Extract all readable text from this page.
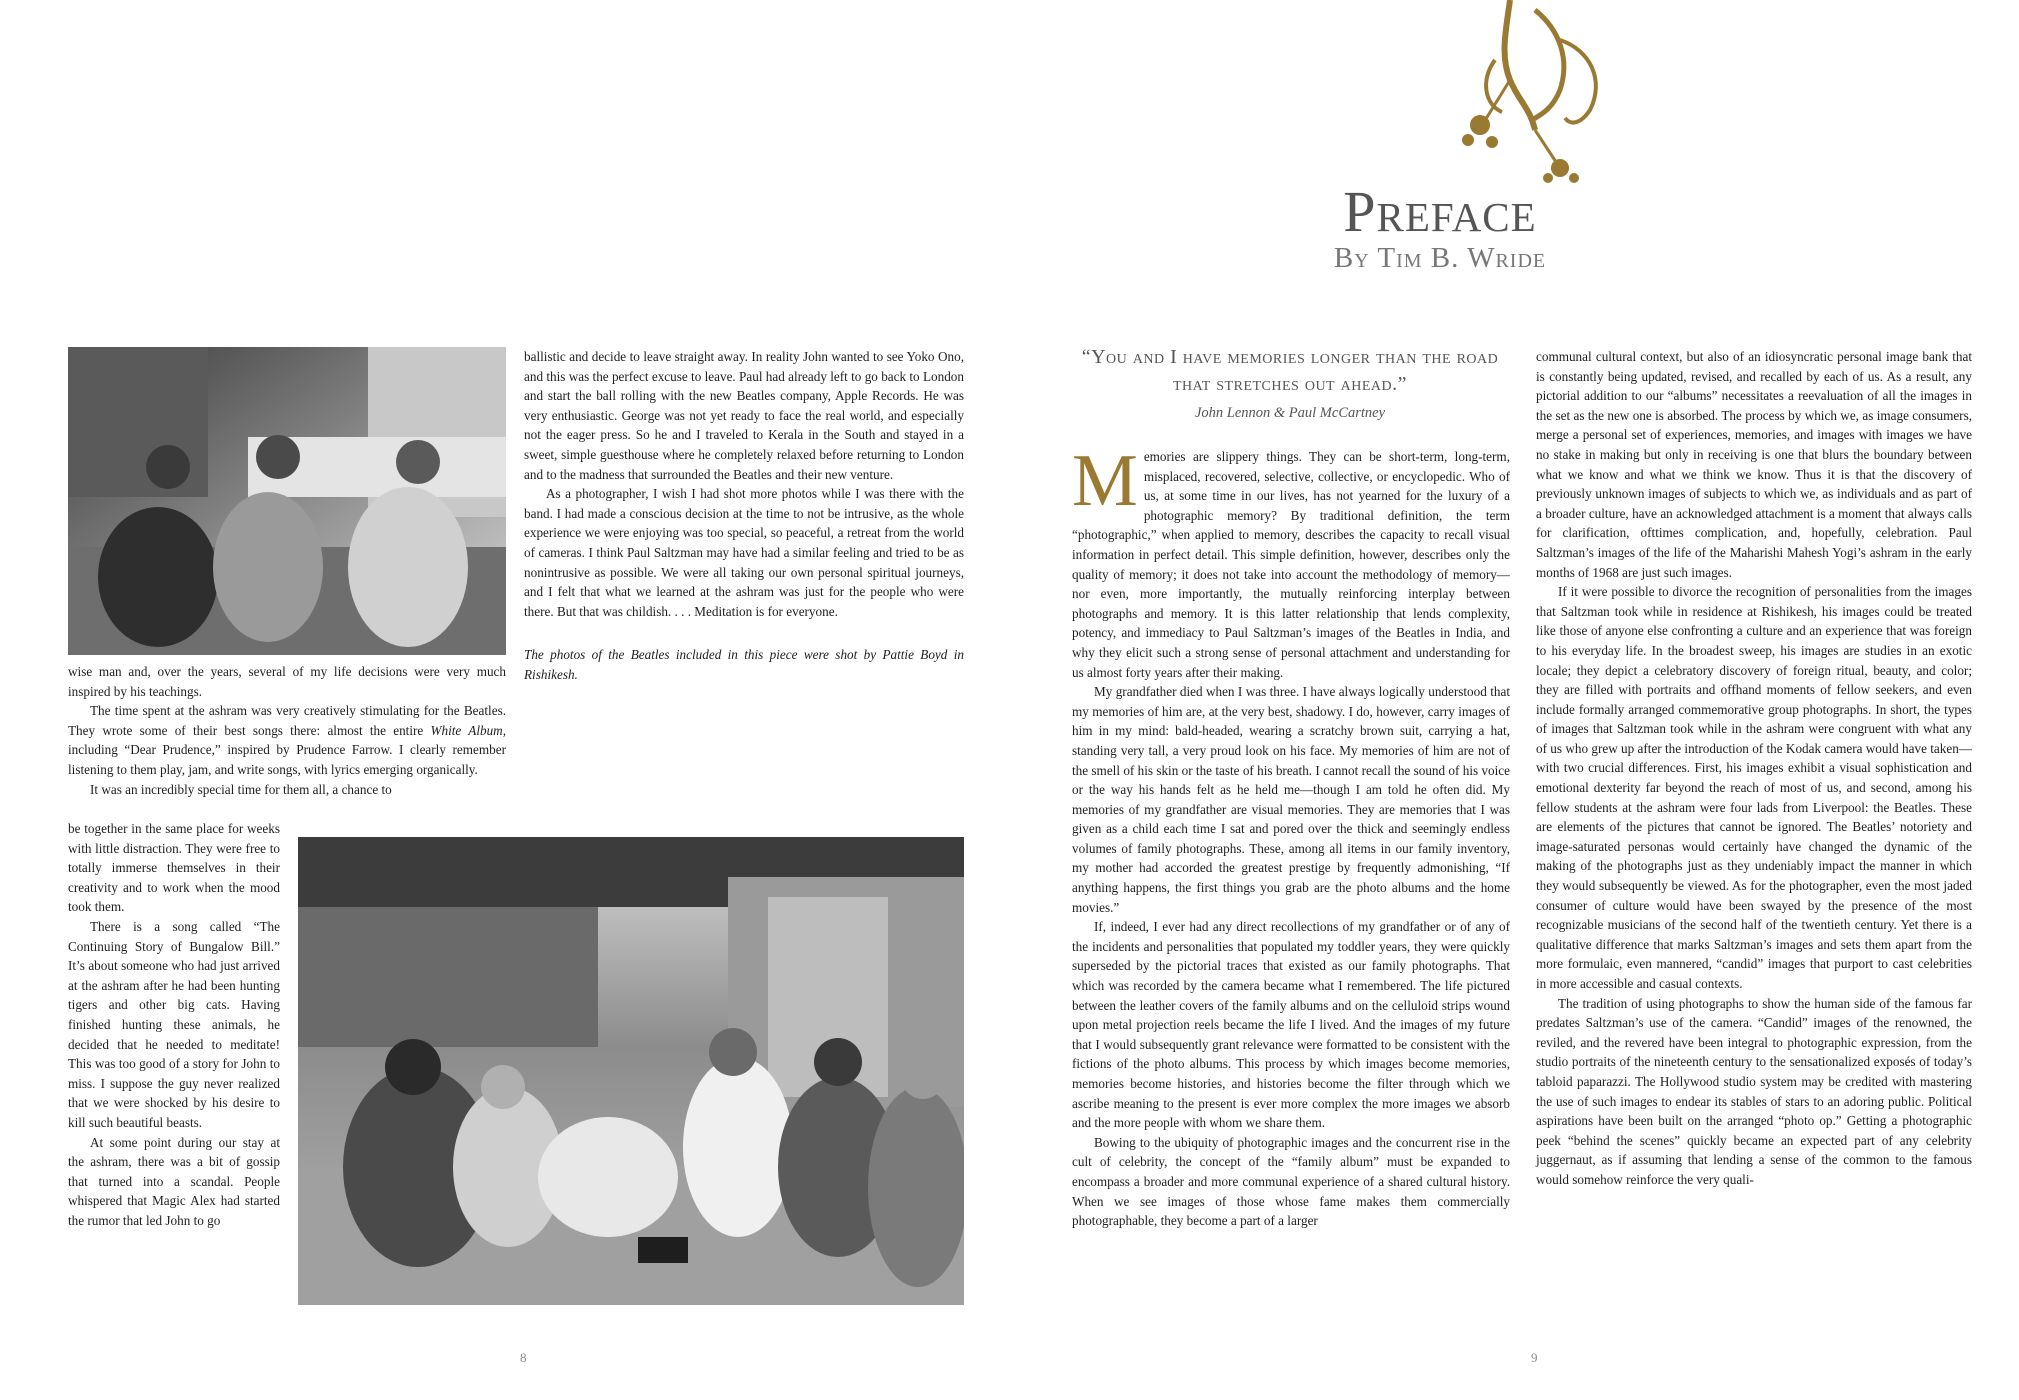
wise man and, over the years, several of my life decisions were very much inspired by his teachings.

The time spent at the ashram was very creatively stimulating for the Beatles. They wrote some of their best songs there: almost the entire White Album, including “Dear Prudence,” inspired by Prudence Farrow. I clearly remember listening to them play, jam, and write songs, with lyrics emerging organically.

It was an incredibly special time for them all, a chance to

be together in the same place for weeks with little distraction. They were free to totally immerse themselves in their creativity and to work when the mood took them.

There is a song called “The Continuing Story of Bungalow Bill.” It’s about someone who had just arrived at the ashram after he had been hunting tigers and other big cats. Having finished hunting these animals, he decided that he needed to meditate! This was too good of a story for John to miss. I suppose the guy never realized that we were shocked by his desire to kill such beautiful beasts.

At some point during our stay at the ashram, there was a bit of gossip that turned into a scandal. People whispered that Magic Alex had started the rumor that led John to go

ballistic and decide to leave straight away. In reality John wanted to see Yoko Ono, and this was the perfect excuse to leave. Paul had already left to go back to London and start the ball rolling with the new Beatles company, Apple Records. He was very enthusiastic. George was not yet ready to face the real world, and especially not the eager press. So he and I traveled to Kerala in the South and stayed in a sweet, simple guesthouse where he completely relaxed before returning to London and to the madness that surrounded the Beatles and their new venture.

As a photographer, I wish I had shot more photos while I was there with the band. I had made a conscious decision at the time to not be intrusive, as the whole experience we were enjoying was too special, so peaceful, a retreat from the world of cameras. I think Paul Saltzman may have had a similar feeling and tried to be as nonintrusive as possible. We were all taking our own personal spiritual journeys, and I felt that what we learned at the ashram was just for the people who were there. But that was childish. . . . Meditation is for everyone.

The photos of the Beatles included in this piece were shot by Pattie Boyd in Rishikesh.

8
Preface
By Tim B. Wride
“You and I have memories longer than the road that stretches out ahead.”
John Lennon & Paul McCartney

Memories are slippery things. They can be short-term, long-term, misplaced, recovered, selective, collective, or encyclopedic. Who of us, at some time in our lives, has not yearned for the luxury of a photographic memory? By traditional definition, the term “photographic,” when applied to memory, describes the capacity to recall visual information in perfect detail. This simple definition, however, describes only the quality of memory; it does not take into account the methodology of memory—nor even, more importantly, the mutually reinforcing interplay between photographs and memory. It is this latter relationship that lends complexity, potency, and immediacy to Paul Saltzman’s images of the Beatles in India, and why they elicit such a strong sense of personal attachment and understanding for us almost forty years after their making.

My grandfather died when I was three. I have always logically understood that my memories of him are, at the very best, shadowy. I do, however, carry images of him in my mind: bald-headed, wearing a scratchy brown suit, carrying a hat, standing very tall, a very proud look on his face. My memories of him are not of the smell of his skin or the taste of his breath. I cannot recall the sound of his voice or the way his hands felt as he held me—though I am told he often did. My memories of my grandfather are visual memories. They are memories that I was given as a child each time I sat and pored over the thick and seemingly endless volumes of family photographs. These, among all items in our family inventory, my mother had accorded the greatest prestige by frequently admonishing, “If anything happens, the first things you grab are the photo albums and the home movies.”

If, indeed, I ever had any direct recollections of my grandfather or of any of the incidents and personalities that populated my toddler years, they were quickly superseded by the pictorial traces that existed as our family photographs. That which was recorded by the camera became what I remembered. The life pictured between the leather covers of the family albums and on the celluloid strips wound upon metal projection reels became the life I lived. And the images of my future that I would subsequently grant relevance were formatted to be consistent with the fictions of the photo albums. This process by which images become memories, memories become histories, and histories become the filter through which we ascribe meaning to the present is ever more complex the more images we absorb and the more people with whom we share them.

Bowing to the ubiquity of photographic images and the concurrent rise in the cult of celebrity, the concept of the “family album” must be expanded to encompass a broader and more communal experience of a shared cultural history. When we see images of those whose fame makes them commercially photographable, they become a part of a larger

communal cultural context, but also of an idiosyncratic personal image bank that is constantly being updated, revised, and recalled by each of us. As a result, any pictorial addition to our “albums” necessitates a reevaluation of all the images in the set as the new one is absorbed. The process by which we, as image consumers, merge a personal set of experiences, memories, and images with images we have no stake in making but only in receiving is one that blurs the boundary between what we know and what we think we know. Thus it is that the discovery of previously unknown images of subjects to which we, as individuals and as part of a broader culture, have an acknowledged attachment is a moment that always calls for clarification, ofttimes complication, and, hopefully, celebration. Paul Saltzman’s images of the life of the Maharishi Mahesh Yogi’s ashram in the early months of 1968 are just such images.

If it were possible to divorce the recognition of personalities from the images that Saltzman took while in residence at Rishikesh, his images could be treated like those of anyone else confronting a culture and an experience that was foreign to his everyday life. In the broadest sweep, his images are studies in an exotic locale; they depict a celebratory discovery of foreign ritual, beauty, and color; they are filled with portraits and offhand moments of fellow seekers, and even include formally arranged commemorative group photographs. In short, the types of images that Saltzman took while in the ashram were congruent with what any of us who grew up after the introduction of the Kodak camera would have taken—with two crucial differences. First, his images exhibit a visual sophistication and emotional dexterity far beyond the reach of most of us, and second, among his fellow students at the ashram were four lads from Liverpool: the Beatles. These are elements of the pictures that cannot be ignored. The Beatles’ notoriety and image-saturated personas would certainly have changed the dynamic of the making of the photographs just as they undeniably impact the manner in which they would subsequently be viewed. As for the photographer, even the most jaded consumer of culture would have been swayed by the presence of the most recognizable musicians of the second half of the twentieth century. Yet there is a qualitative difference that marks Saltzman’s images and sets them apart from the more formulaic, even mannered, “candid” images that purport to cast celebrities in more accessible and casual contexts.

The tradition of using photographs to show the human side of the famous far predates Saltzman’s use of the camera. “Candid” images of the renowned, the reviled, and the revered have been integral to photographic expression, from the studio portraits of the nineteenth century to the sensationalized exposés of today’s tabloid paparazzi. The Hollywood studio system may be credited with mastering the use of such images to endear its stables of stars to an adoring public. Political aspirations have been built on the arranged “photo op.” Getting a photographic peek “behind the scenes” quickly became an expected part of any celebrity juggernaut, as if assuming that lending a sense of the common to the famous would somehow reinforce the very quali-

9
